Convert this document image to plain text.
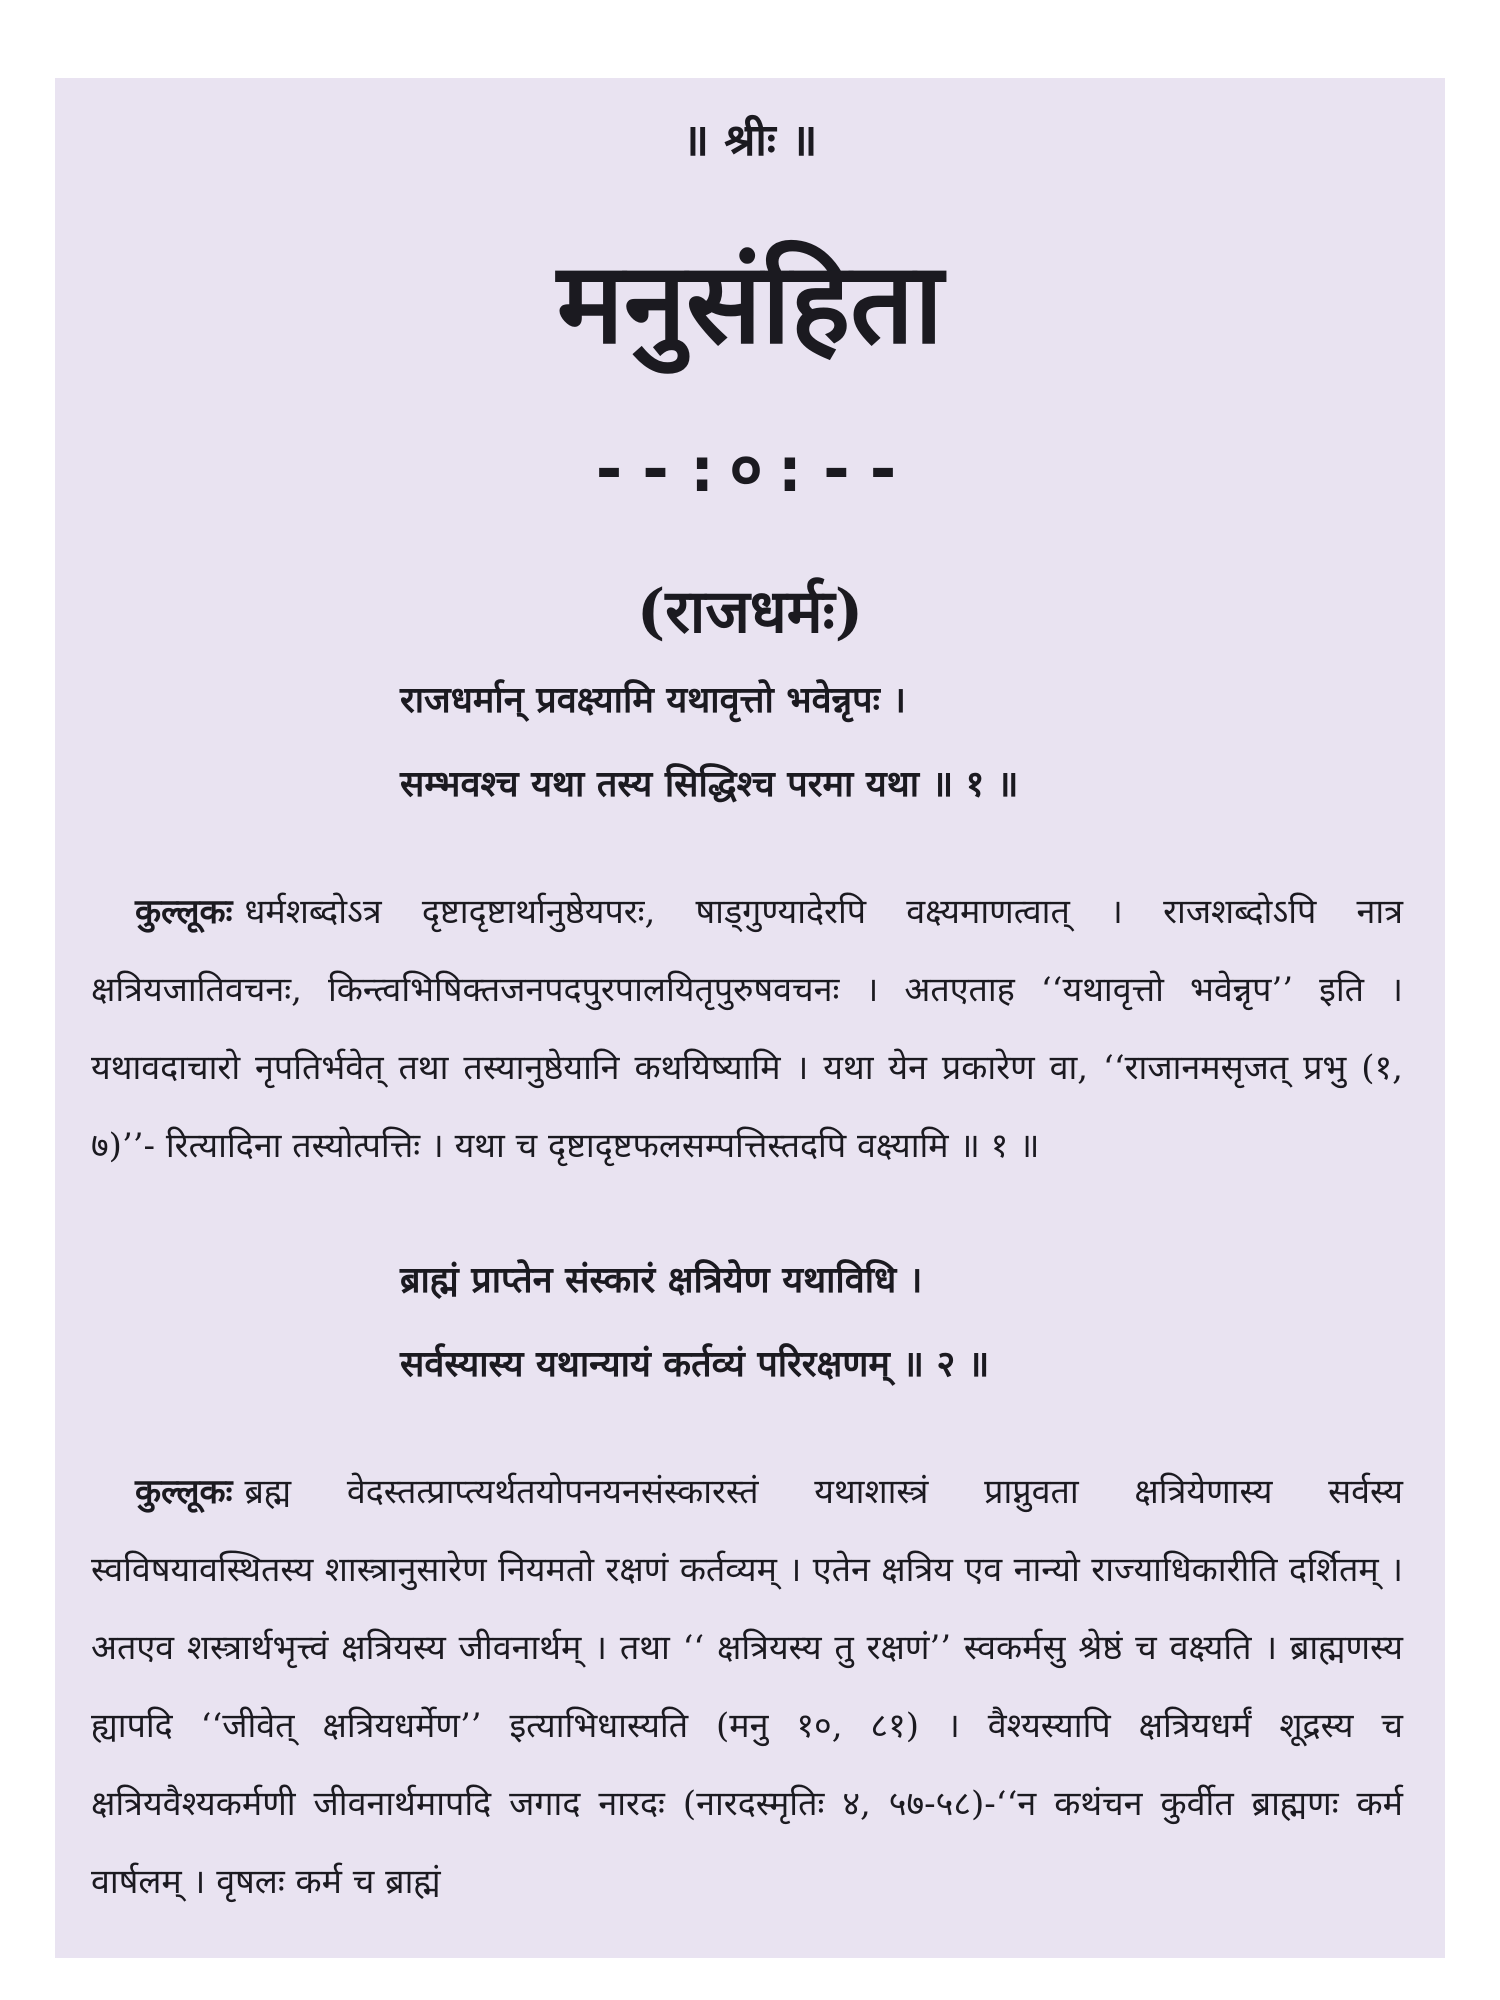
॥ श्रीः ॥
मनुसंहिता
--:०:--
(राजधर्मः)
राजधर्मान् प्रवक्ष्यामि यथावृत्तो भवेन्नृपः ।
सम्भवश्च यथा तस्य सिद्धिश्च परमा यथा ॥ १ ॥
कुल्लूकः धर्मशब्दोऽत्र दृष्टादृष्टार्थानुष्ठेयपरः, षाड्गुण्यादेरपि वक्ष्यमाणत्वात् । राजशब्दोऽपि नात्र क्षत्रियजातिवचनः, किन्त्वभिषिक्तजनपदपुरपालयितृपुरुषवचनः । अतएताह ‘‘यथावृत्तो भवेन्नृप’’ इति । यथावदाचारो नृपतिर्भवेत् तथा तस्यानुष्ठेयानि कथयिष्यामि । यथा येन प्रकारेण वा, ‘‘राजानमसृजत् प्रभु (१, ७)’’- रित्यादिना तस्योत्पत्तिः । यथा च दृष्टादृष्टफलसम्पत्तिस्तदपि वक्ष्यामि ॥ १ ॥
ब्राह्मं प्राप्तेन संस्कारं क्षत्रियेण यथाविधि ।
सर्वस्यास्य यथान्यायं कर्तव्यं परिरक्षणम् ॥ २ ॥
कुल्लूकः ब्रह्म वेदस्तत्प्राप्त्यर्थतयोपनयनसंस्कारस्तं यथाशास्त्रं प्राप्नुवता क्षत्रियेणास्य सर्वस्य स्वविषयावस्थितस्य शास्त्रानुसारेण नियमतो रक्षणं कर्तव्यम् । एतेन क्षत्रिय एव नान्यो राज्याधिकारीति दर्शितम् । अतएव शस्त्रार्थभृत्त्वं क्षत्रियस्य जीवनार्थम् । तथा ‘‘ क्षत्रियस्य तु रक्षणं’’ स्वकर्मसु श्रेष्ठं च वक्ष्यति । ब्राह्मणस्य ह्यापदि ‘‘जीवेत् क्षत्रियधर्मेण’’ इत्याभिधास्यति (मनु १०, ८१) । वैश्यस्यापि क्षत्रियधर्मं शूद्रस्य च क्षत्रियवैश्यकर्मणी जीवनार्थमापदि जगाद नारदः (नारदस्मृतिः ४, ५७-५८)-‘‘न कथंचन कुर्वीत ब्राह्मणः कर्म वार्षलम् । वृषलः कर्म च ब्राह्मं
